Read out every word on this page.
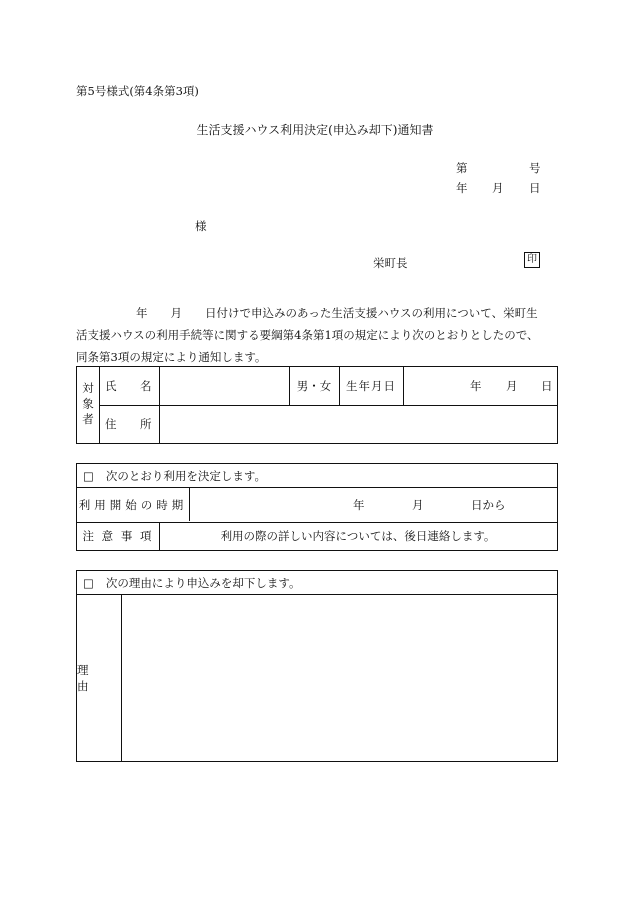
第5号様式(第4条第3項)
生活支援ハウス利用決定(申込み却下)通知書
第	号
年 月 日
様
栄町長	印

年　　月　　日付けで申込みのあった生活支援ハウスの利用について、栄町生

活支援ハウスの利用手続等に関する要綱第4条第1項の規定により次のとおりとしたので、

同条第3項の規定により通知します。

対象者 氏　名	男・女	生年月日	年 月 日
住　所
□ 次のとおり利用を決定します。
利用開始の時期	年	月	日から
注 意 事 項	利用の際の詳しい内容については、後日連絡します。
□ 次の理由により申込みを却下します。
理　由
